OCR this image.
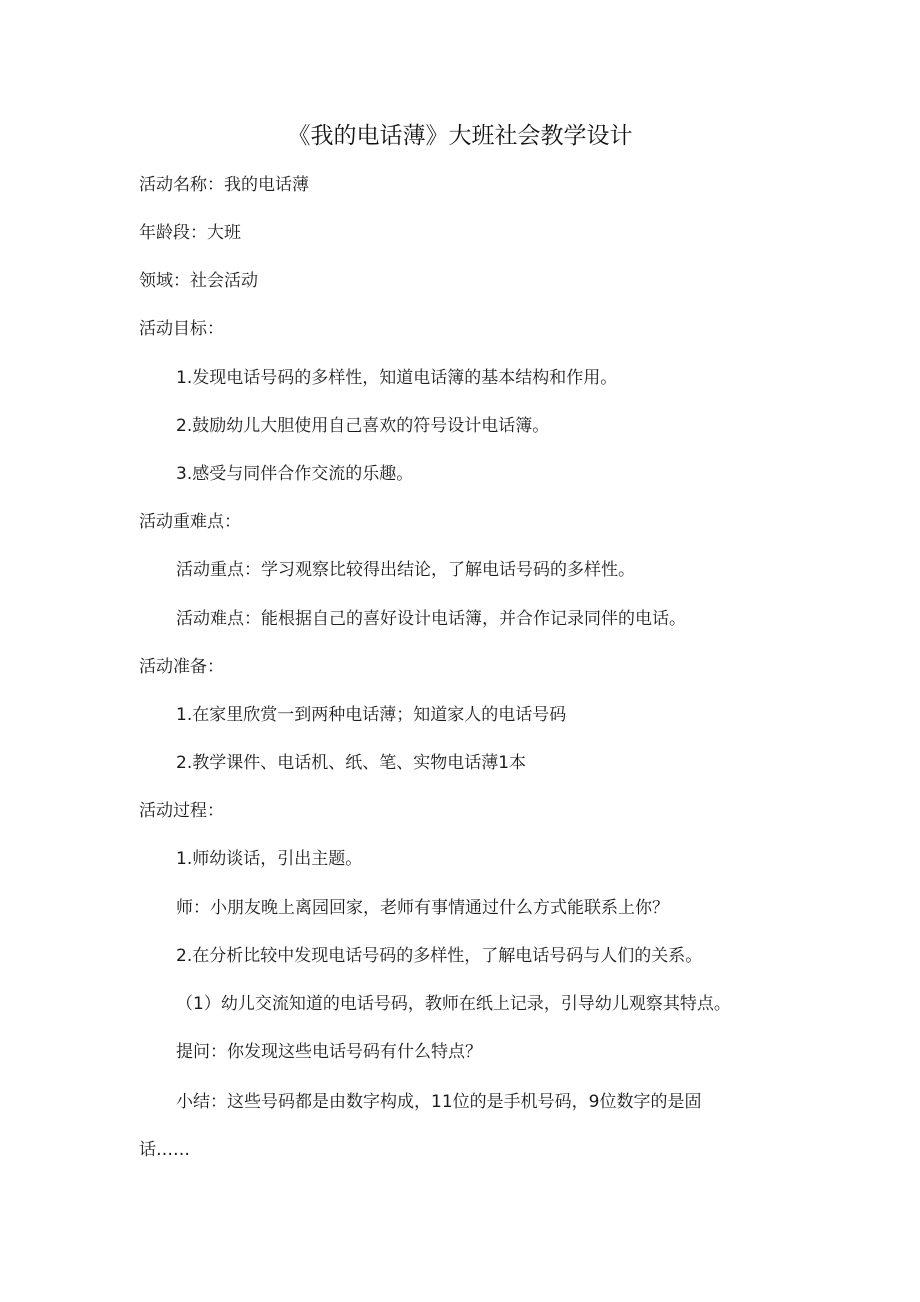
《我的电话薄》大班社会教学设计

活动名称：我的电话薄

年龄段：大班

领域：社会活动

活动目标：

1.发现电话号码的多样性，知道电话簿的基本结构和作用。

2.鼓励幼儿大胆使用自己喜欢的符号设计电话簿。

3.感受与同伴合作交流的乐趣。

活动重难点：

活动重点：学习观察比较得出结论，了解电话号码的多样性。

活动难点：能根据自己的喜好设计电话簿，并合作记录同伴的电话。

活动准备：

1.在家里欣赏一到两种电话薄；知道家人的电话号码

2.教学课件、电话机、纸、笔、实物电话薄1本

活动过程：

1.师幼谈话，引出主题。

师：小朋友晚上离园回家，老师有事情通过什么方式能联系上你？

2.在分析比较中发现电话号码的多样性，了解电话号码与人们的关系。

（1）幼儿交流知道的电话号码，教师在纸上记录，引导幼儿观察其特点。

提问：你发现这些电话号码有什么特点？

小结：这些号码都是由数字构成，11位的是手机号码，9位数字的是固话……
